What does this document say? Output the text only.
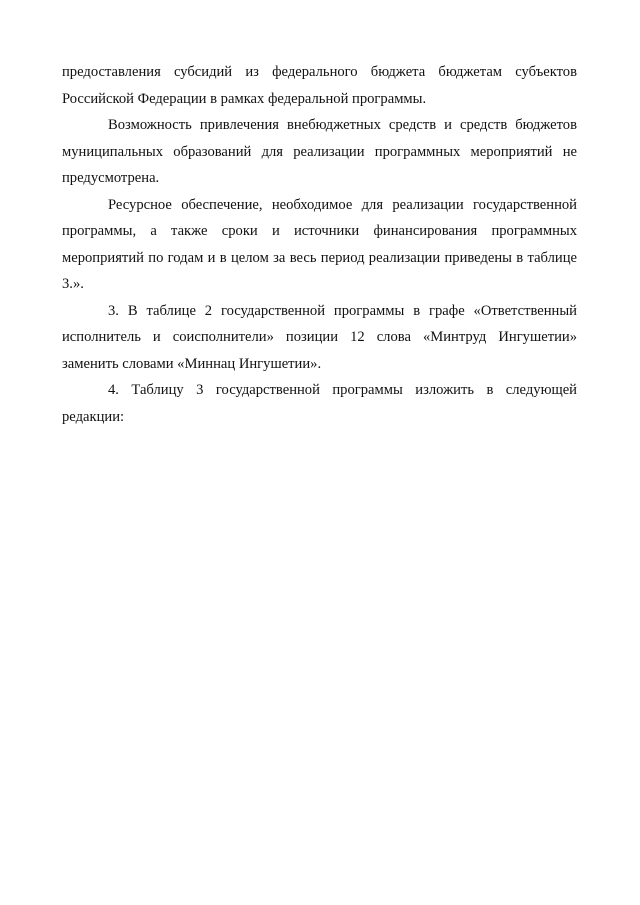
предоставления субсидий из федерального бюджета бюджетам субъектов Российской Федерации в рамках федеральной программы.

Возможность привлечения внебюджетных средств и средств бюджетов муниципальных образований для реализации программных мероприятий не предусмотрена.

Ресурсное обеспечение, необходимое для реализации государственной программы, а также сроки и источники финансирования программных мероприятий по годам и в целом за весь период реализации приведены в таблице 3.».

3. В таблице 2 государственной программы в графе «Ответственный исполнитель и соисполнители» позиции 12 слова «Минтруд Ингушетии» заменить словами «Миннац Ингушетии».

4. Таблицу 3 государственной программы изложить в следующей редакции:
